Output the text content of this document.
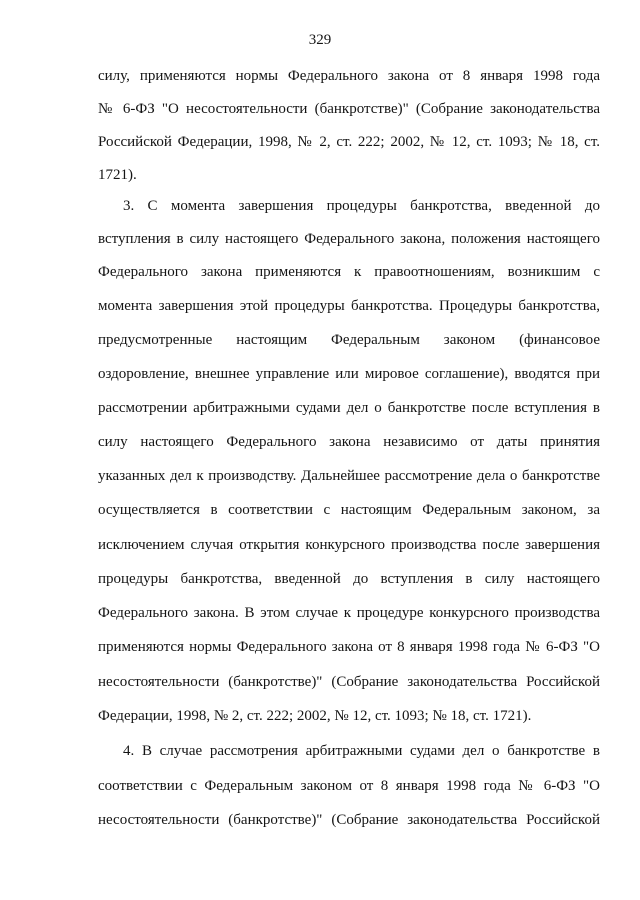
329
силу, применяются нормы Федерального закона от 8 января 1998 года
№ 6-ФЗ "О несостоятельности (банкротстве)" (Собрание законодательства
Российской Федерации, 1998, № 2, ст. 222; 2002, № 12, ст. 1093; № 18, ст.
1721).
3. С момента завершения процедуры банкротства, введенной до
вступления в силу настоящего Федерального закона, положения настоящего
Федерального закона применяются к правоотношениям, возникшим с
момента завершения этой процедуры банкротства. Процедуры банкротства,
предусмотренные настоящим Федеральным законом (финансовое
оздоровление, внешнее управление или мировое соглашение), вводятся при
рассмотрении арбитражными судами дел о банкротстве после вступления в
силу настоящего Федерального закона независимо от даты принятия
указанных дел к производству. Дальнейшее рассмотрение дела о банкротстве
осуществляется в соответствии с настоящим Федеральным законом, за
исключением случая открытия конкурсного производства после завершения
процедуры банкротства, введенной до вступления в силу настоящего
Федерального закона. В этом случае к процедуре конкурсного производства
применяются нормы Федерального закона от 8 января 1998 года № 6-ФЗ "О
несостоятельности (банкротстве)" (Собрание законодательства Российской
Федерации, 1998, № 2, ст. 222; 2002, № 12, ст. 1093; № 18, ст. 1721).
4. В случае рассмотрения арбитражными судами дел о банкротстве в
соответствии с Федеральным законом от 8 января 1998 года № 6-ФЗ "О
несостоятельности (банкротстве)" (Собрание законодательства Российской
